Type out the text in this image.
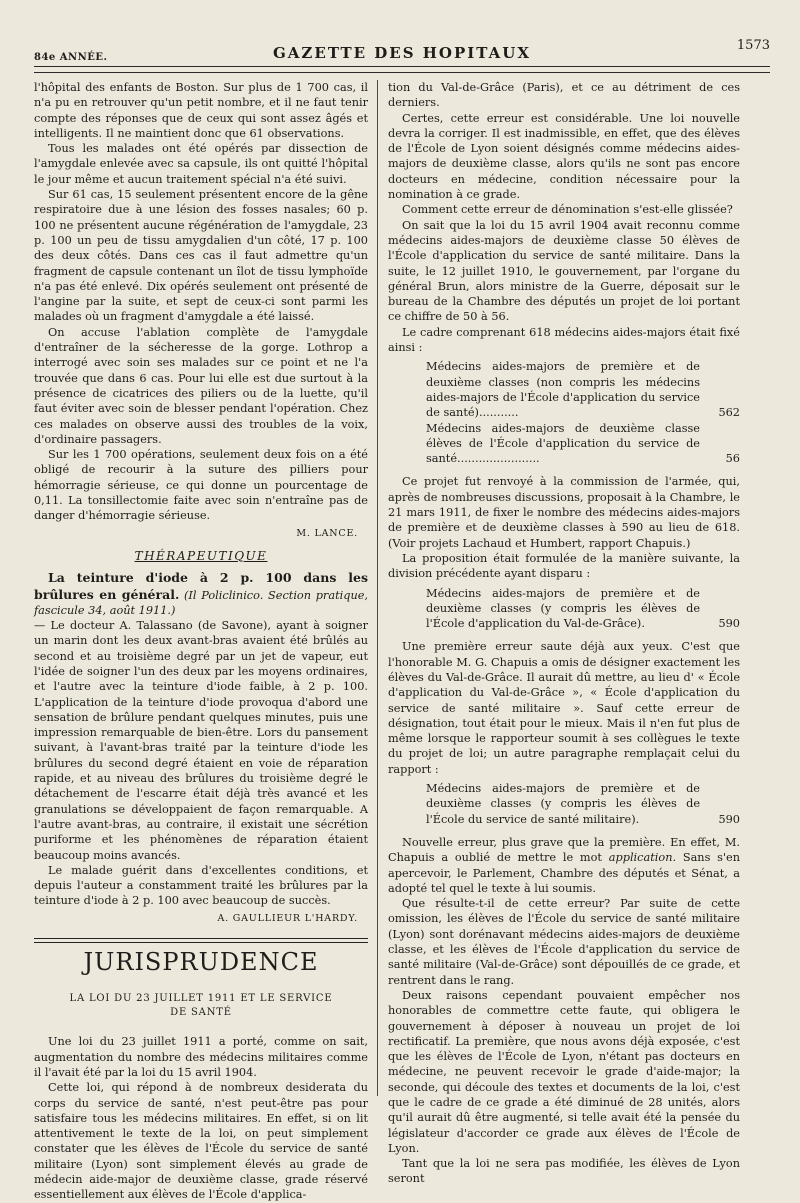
84e ANNÉE.	GAZETTE DES HOPITAUX	1573

l'hôpital des enfants de Boston. Sur plus de 1 700 cas, il n'a pu en retrouver qu'un petit nombre, et il ne faut tenir compte des réponses que de ceux qui sont assez âgés et intelligents. Il ne maintient donc que 61 observations.

Tous les malades ont été opérés par dissection de l'amygdale enlevée avec sa capsule, ils ont quitté l'hôpital le jour même et aucun traitement spécial n'a été suivi.

Sur 61 cas, 15 seulement présentent encore de la gêne respiratoire due à une lésion des fosses nasales; 60 p. 100 ne présentent aucune régénération de l'amygdale, 23 p. 100 un peu de tissu amygdalien d'un côté, 17 p. 100 des deux côtés. Dans ces cas il faut admettre qu'un fragment de capsule contenant un îlot de tissu lymphoïde n'a pas été enlevé. Dix opérés seulement ont présenté de l'angine par la suite, et sept de ceux-ci sont parmi les malades où un fragment d'amygdale a été laissé.

On accuse l'ablation complète de l'amygdale d'entraîner de la sécheresse de la gorge. Lothrop a interrogé avec soin ses malades sur ce point et ne l'a trouvée que dans 6 cas. Pour lui elle est due surtout à la présence de cicatrices des piliers ou de la luette, qu'il faut éviter avec soin de blesser pendant l'opération. Chez ces malades on observe aussi des troubles de la voix, d'ordinaire passagers.

Sur les 1 700 opérations, seulement deux fois on a été obligé de recourir à la suture des pilliers pour hémorragie sérieuse, ce qui donne un pourcentage de 0,11. La tonsillectomie faite avec soin n'entraîne pas de danger d'hémorragie sérieuse.

M. LANCE.
THÉRAPEUTIQUE

La teinture d'iode à 2 p. 100 dans les brûlures en général. (Il Policlinico. Section pratique, fascicule 34, août 1911.)

— Le docteur A. Talassano (de Savone), ayant à soigner un marin dont les deux avant-bras avaient été brûlés au second et au troisième degré par un jet de vapeur, eut l'idée de soigner l'un des deux par les moyens ordinaires, et l'autre avec la teinture d'iode faible, à 2 p. 100. L'application de la teinture d'iode provoqua d'abord une sensation de brûlure pendant quelques minutes, puis une impression remarquable de bien-être. Lors du pansement suivant, à l'avant-bras traité par la teinture d'iode les brûlures du second degré étaient en voie de réparation rapide, et au niveau des brûlures du troisième degré le détachement de l'escarre était déjà très avancé et les granulations se développaient de façon remarquable. A l'autre avant-bras, au contraire, il existait une sécrétion puriforme et les phénomènes de réparation étaient beaucoup moins avancés.

Le malade guérit dans d'excellentes conditions, et depuis l'auteur a constamment traité les brûlures par la teinture d'iode à 2 p. 100 avec beaucoup de succès.

A. GAULLIEUR L'HARDY.
JURISPRUDENCE
LA LOI DU 23 JUILLET 1911 ET LE SERVICE
DE SANTÉ

Une loi du 23 juillet 1911 a porté, comme on sait, augmentation du nombre des médecins militaires comme il l'avait été par la loi du 15 avril 1904.

Cette loi, qui répond à de nombreux desiderata du corps du service de santé, n'est peut-être pas pour satisfaire tous les médecins militaires. En effet, si on lit attentivement le texte de la loi, on peut simplement constater que les élèves de l'École du service de santé militaire (Lyon) sont simplement élevés au grade de médecin aide-major de deuxième classe, grade réservé essentiellement aux élèves de l'École d'applica-

tion du Val-de-Grâce (Paris), et ce au détriment de ces derniers.

Certes, cette erreur est considérable. Une loi nouvelle devra la corriger. Il est inadmissible, en effet, que des élèves de l'École de Lyon soient désignés comme médecins aides-majors de deuxième classe, alors qu'ils ne sont pas encore docteurs en médecine, condition nécessaire pour la nomination à ce grade.

Comment cette erreur de dénomination s'est-elle glissée?

On sait que la loi du 15 avril 1904 avait reconnu comme médecins aides-majors de deuxième classe 50 élèves de l'École d'application du service de santé militaire. Dans la suite, le 12 juillet 1910, le gouvernement, par l'organe du général Brun, alors ministre de la Guerre, déposait sur le bureau de la Chambre des députés un projet de loi portant ce chiffre de 50 à 56.

Le cadre comprenant 618 médecins aides-majors était fixé ainsi :

Médecins aides-majors de première et de deuxième classes (non compris les médecins aides-majors de l'École d'application du service de santé)...........	562
Médecins aides-majors de deuxième classe élèves de l'École d'application du service de santé.......................	56

Ce projet fut renvoyé à la commission de l'armée, qui, après de nombreuses discussions, proposait à la Chambre, le 21 mars 1911, de fixer le nombre des médecins aides-majors de première et de deuxième classes à 590 au lieu de 618. (Voir projets Lachaud et Humbert, rapport Chapuis.)

La proposition était formulée de la manière suivante, la division précédente ayant disparu :

Médecins aides-majors de première et de deuxième classes (y compris les élèves de l'École d'application du Val-de-Grâce).	590

Une première erreur saute déjà aux yeux. C'est que l'honorable M. G. Chapuis a omis de désigner exactement les élèves du Val-de-Grâce. Il aurait dû mettre, au lieu d' « École d'application du Val-de-Grâce », « École d'application du service de santé militaire ». Sauf cette erreur de désignation, tout était pour le mieux. Mais il n'en fut plus de même lorsque le rapporteur soumit à ses collègues le texte du projet de loi; un autre paragraphe remplaçait celui du rapport :

Médecins aides-majors de première et de deuxième classes (y compris les élèves de l'École du service de santé militaire).	590

Nouvelle erreur, plus grave que la première. En effet, M. Chapuis a oublié de mettre le mot application. Sans s'en apercevoir, le Parlement, Chambre des députés et Sénat, a adopté tel quel le texte à lui soumis.

Que résulte-t-il de cette erreur? Par suite de cette omission, les élèves de l'École du service de santé militaire (Lyon) sont dorénavant médecins aides-majors de deuxième classe, et les élèves de l'École d'application du service de santé militaire (Val-de-Grâce) sont dépouillés de ce grade, et rentrent dans le rang.

Deux raisons cependant pouvaient empêcher nos honorables de commettre cette faute, qui obligera le gouvernement à déposer à nouveau un projet de loi rectificatif. La première, que nous avons déjà exposée, c'est que les élèves de l'École de Lyon, n'étant pas docteurs en médecine, ne peuvent recevoir le grade d'aide-major; la seconde, qui découle des textes et documents de la loi, c'est que le cadre de ce grade a été diminué de 28 unités, alors qu'il aurait dû être augmenté, si telle avait été la pensée du législateur d'accorder ce grade aux élèves de l'École de Lyon.

Tant que la loi ne sera pas modifiée, les élèves de Lyon seront
